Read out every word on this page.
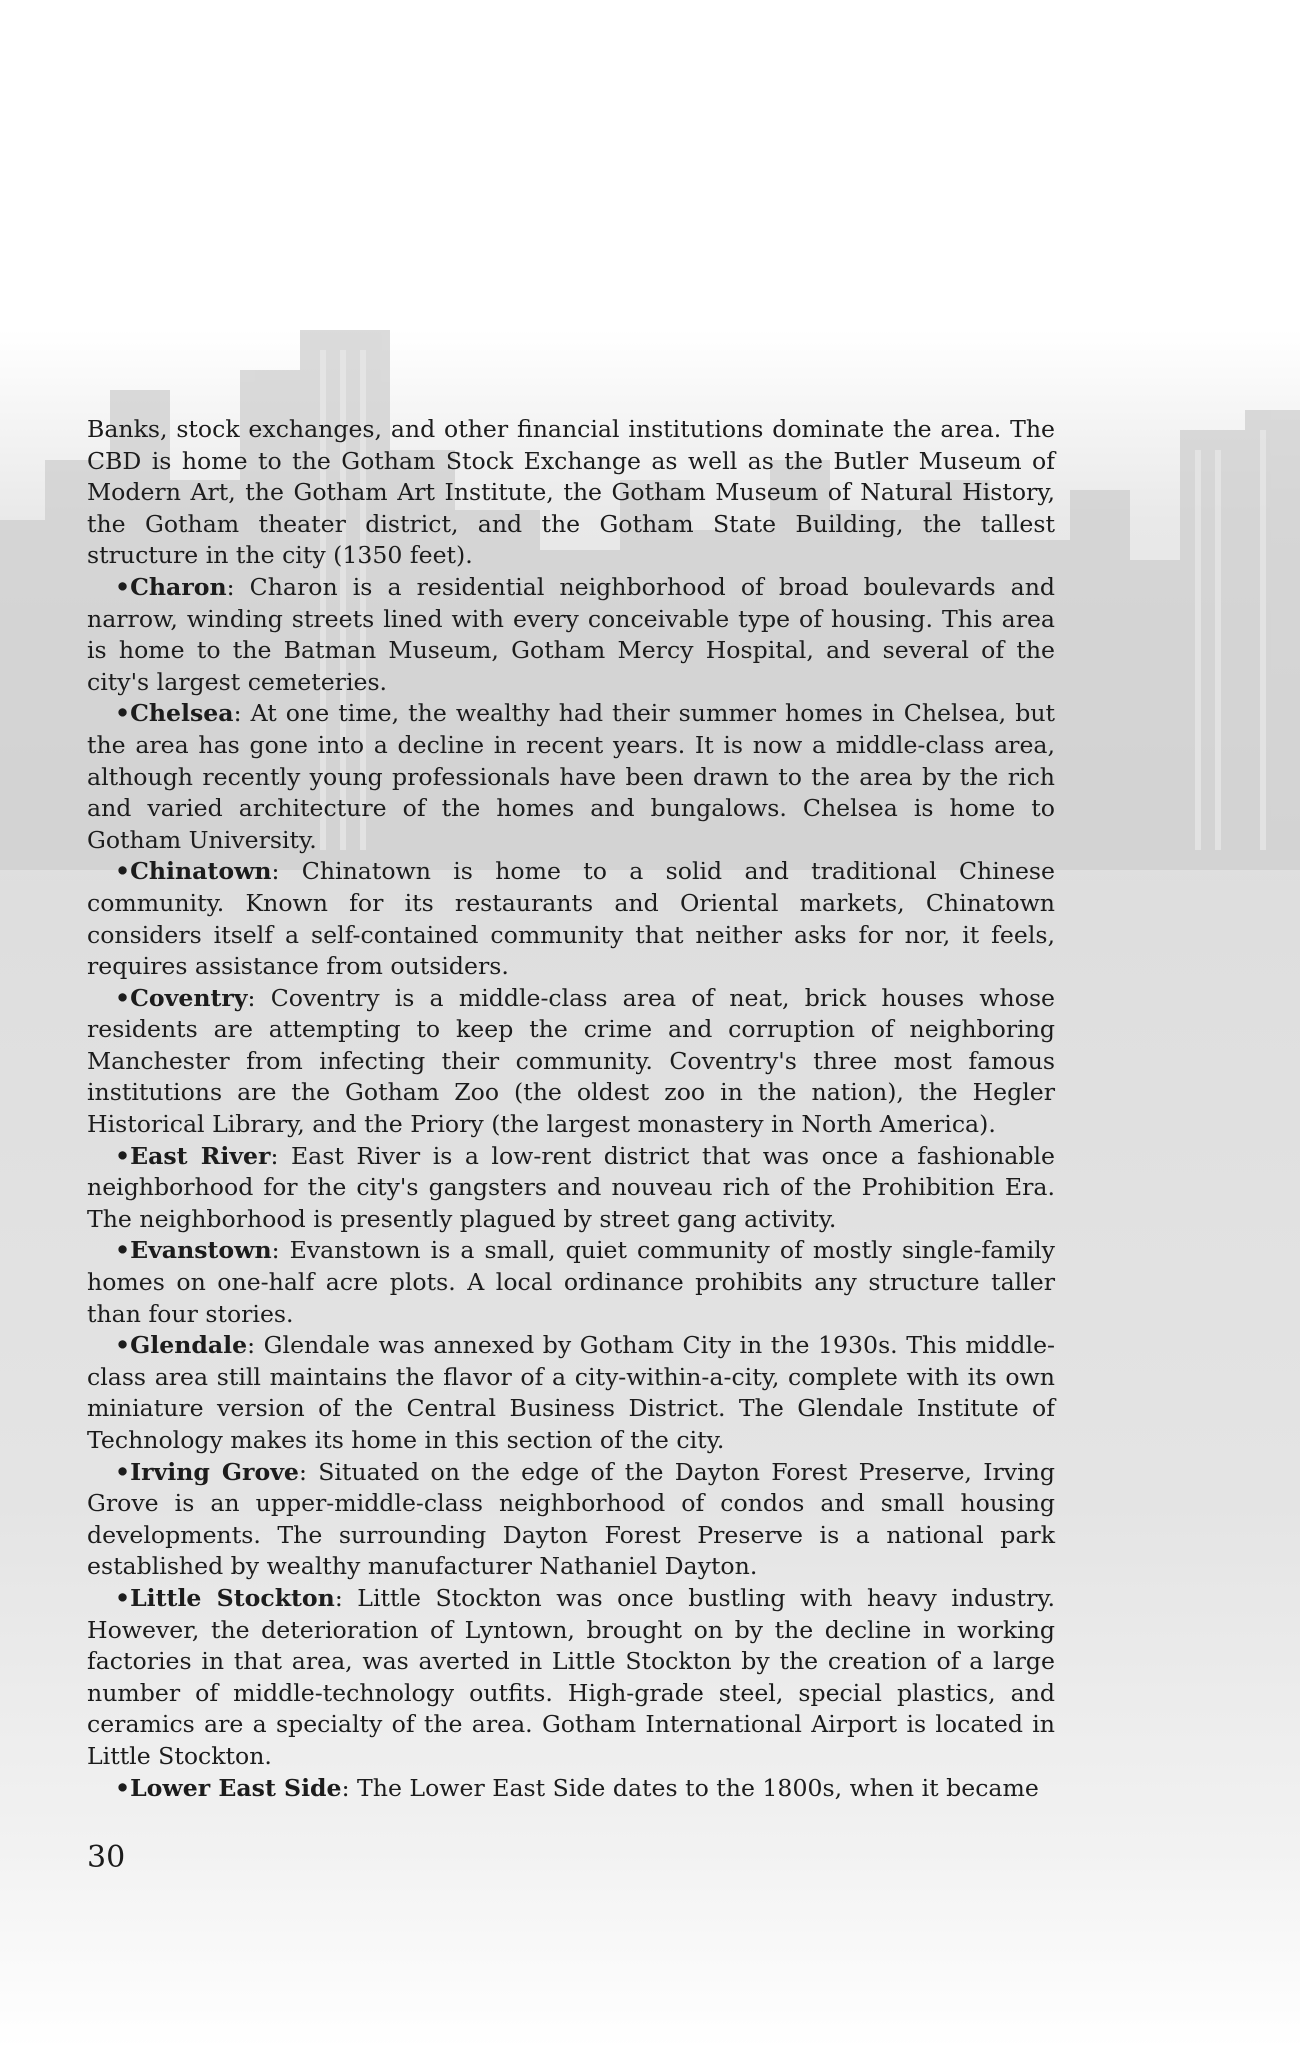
Banks, stock exchanges, and other financial institutions dominate the area. The CBD is home to the Gotham Stock Exchange as well as the Butler Museum of Modern Art, the Gotham Art Institute, the Gotham Museum of Natural History, the Gotham theater district, and the Gotham State Building, the tallest structure in the city (1350 feet).

•Charon: Charon is a residential neighborhood of broad boulevards and narrow, winding streets lined with every conceivable type of housing. This area is home to the Batman Museum, Gotham Mercy Hospital, and several of the city's largest cemeteries.

•Chelsea: At one time, the wealthy had their summer homes in Chelsea, but the area has gone into a decline in recent years. It is now a middle-class area, although recently young professionals have been drawn to the area by the rich and varied architecture of the homes and bungalows. Chelsea is home to Gotham University.

•Chinatown: Chinatown is home to a solid and traditional Chinese community. Known for its restaurants and Oriental markets, Chinatown considers itself a self-contained community that neither asks for nor, it feels, requires assistance from outsiders.

•Coventry: Coventry is a middle-class area of neat, brick houses whose residents are attempting to keep the crime and corruption of neighboring Manchester from infecting their community. Coventry's three most famous institutions are the Gotham Zoo (the oldest zoo in the nation), the Hegler Historical Library, and the Priory (the largest monastery in North America).

•East River: East River is a low-rent district that was once a fashionable neighborhood for the city's gangsters and nouveau rich of the Prohibition Era. The neighborhood is presently plagued by street gang activity.

•Evanstown: Evanstown is a small, quiet community of mostly single-family homes on one-half acre plots. A local ordinance prohibits any structure taller than four stories.

•Glendale: Glendale was annexed by Gotham City in the 1930s. This middle-class area still maintains the flavor of a city-within-a-city, complete with its own miniature version of the Central Business District. The Glendale Institute of Technology makes its home in this section of the city.

•Irving Grove: Situated on the edge of the Dayton Forest Preserve, Irving Grove is an upper-middle-class neighborhood of condos and small housing developments. The surrounding Dayton Forest Preserve is a national park established by wealthy manufacturer Nathaniel Dayton.

•Little Stockton: Little Stockton was once bustling with heavy industry. However, the deterioration of Lyntown, brought on by the decline in working factories in that area, was averted in Little Stockton by the creation of a large number of middle-technology outfits. High-grade steel, special plastics, and ceramics are a specialty of the area. Gotham International Airport is located in Little Stockton.

•Lower East Side: The Lower East Side dates to the 1800s, when it became

30
